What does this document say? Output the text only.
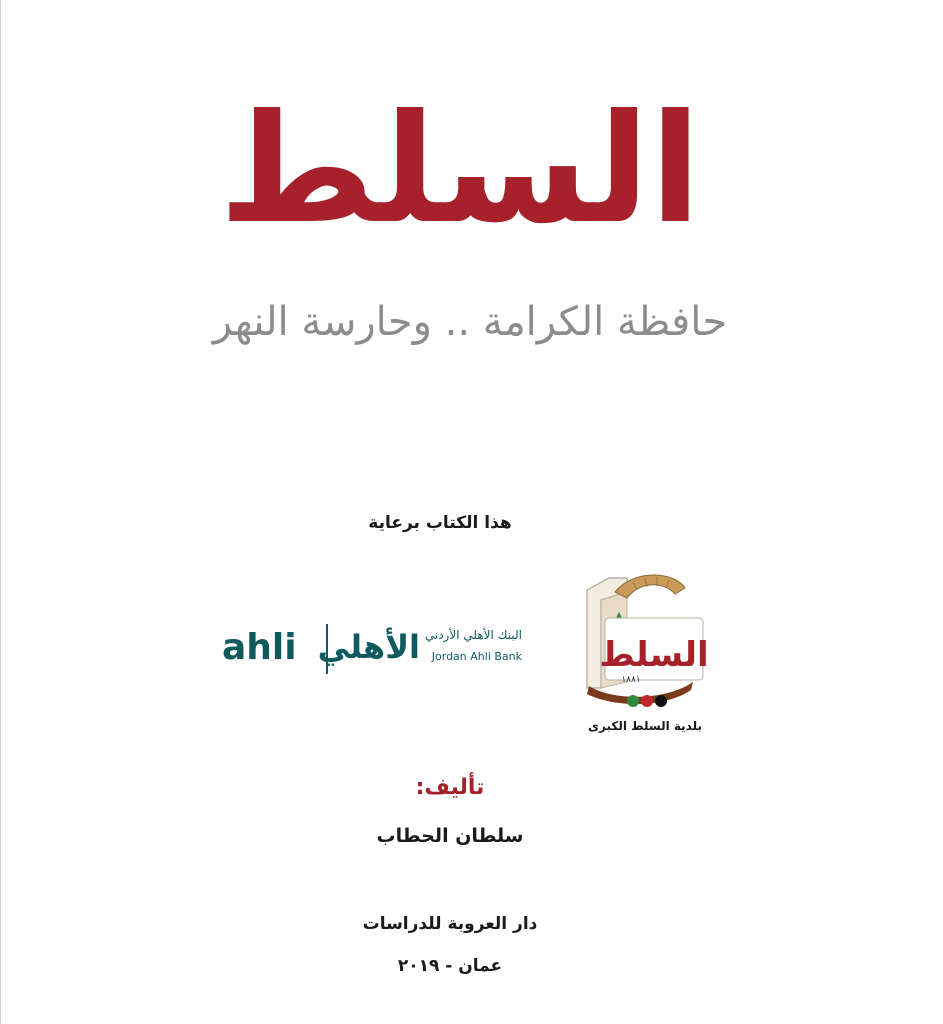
السلط
حافظة الكرامة .. وحارسة النهر
هذا الكتاب برعاية
ahli الأهلي البنك الأهلي الأردني
Jordan Ahli Bank السلط
١٨٨١
بلدية السلط الكبرى
تأليف:
سلطان الحطاب
دار العروبة للدراسات
عمان - ٢٠١٩
